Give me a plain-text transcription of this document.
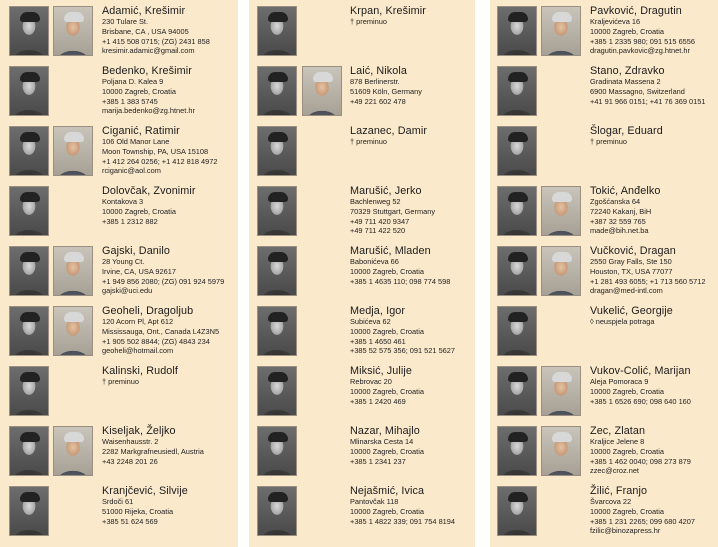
Adamić, Krešimir
230 Tulare St.
Brisbane, CA , USA 94005
+1 415 508 0715; (ZG) 2431 858
kresimir.adamic@gmail.com
Bedenko, Krešimir
Poljana D. Kalea 9
10000 Zagreb, Croatia
+385 1 383 5745
marija.bedenko@zg.htnet.hr
Ciganić, Ratimir
106 Old Manor Lane
Moon Township, PA, USA 15108
+1 412 264 0256; +1 412 818 4972
rciganic@aol.com
Dolovčak, Zvonimir
Kontakova 3
10000 Zagreb, Croatia
+385 1 2312 882
Gajski, Danilo
28 Young Ct.
Irvine, CA, USA 92617
+1 949 856 2080; (ZG) 091 924 5979
gajski@uci.edu
Geoheli, Dragoljub
120 Acorn Pl, Apt 612
Mississauga, Ont., Canada L4Z3N5
+1 905 502 8844; (ZG) 4843 234
geoheli@hotmail.com
Kalinski, Rudolf
† preminuo
Kiseljak, Željko
Waisenhausstr. 2
2282 Markgrafneusiedl, Austria
+43 2248 201 26
Kranjčević, Silvije
Srdoči 61
51000 Rijeka, Croatia
+385 51 624 569
Krpan, Krešimir
† preminuo
Laić, Nikola
878 Berlinerstr.
51609 Köln, Germany
+49 221 602 478
Lazanec, Damir
† preminuo
Marušić, Jerko
Bachlenweg 52
70329 Stuttgart, Germany
+49 711 420 9347
+49 711 422 520
Marušić, Mladen
Babonićeva 66
10000 Zagreb, Croatia
+385 1 4635 110; 098 774 598
Medja, Igor
Subićeva 62
10000 Zagreb, Croatia
+385 1 4650 461
+385 52 575 356; 091 521 5627
Miksić, Julije
Rebrovac 20
10000 Zagreb, Croatia
+385 1 2420 469
Nazar, Mihajlo
Mlinarska Cesta 14
10000 Zagreb, Croatia
+385 1 2341 237
Nejašmić, Ivica
Pantovčak 118
10000 Zagreb, Croatia
+385 1 4822 339; 091 754 8194
Pavković, Dragutin
Kraljevićeva 16
10000 Zagreb, Croatia
+385 1 2335 980; 091 515 6556
dragutin.pavkovic@zg.htnet.hr
Stano, Zdravko
Gradinata Massena 2
6900 Massagno, Switzerland
+41 91 966 0151; +41 76 369 0151
Šlogar, Eduard
† preminuo
Tokić, Anđelko
Zgošćanska 64
72240 Kakanj, BiH
+387 32 559 765
made@bih.net.ba
Vučković, Dragan
2550 Gray Falls, Ste 150
Houston, TX, USA 77077
+1 281 493 6055; +1 713 560 5712
dragan@med-intl.com
Vukelić, Georgije
◊ neuspjela potraga
Vukov-Colić, Marijan
Aleja Pomoraca 9
10000 Zagreb, Croatia
+385 1 6526 690; 098 640 160
Zec, Zlatan
Kraljice Jelene 8
10000 Zagreb, Croatia
+385 1 462 0040; 098 273 879
zzec@croz.net
Žilić, Franjo
Švarcova 22
10000 Zagreb, Croatia
+385 1 231 2265; 099 680 4207
fzilic@binozapress.hr
